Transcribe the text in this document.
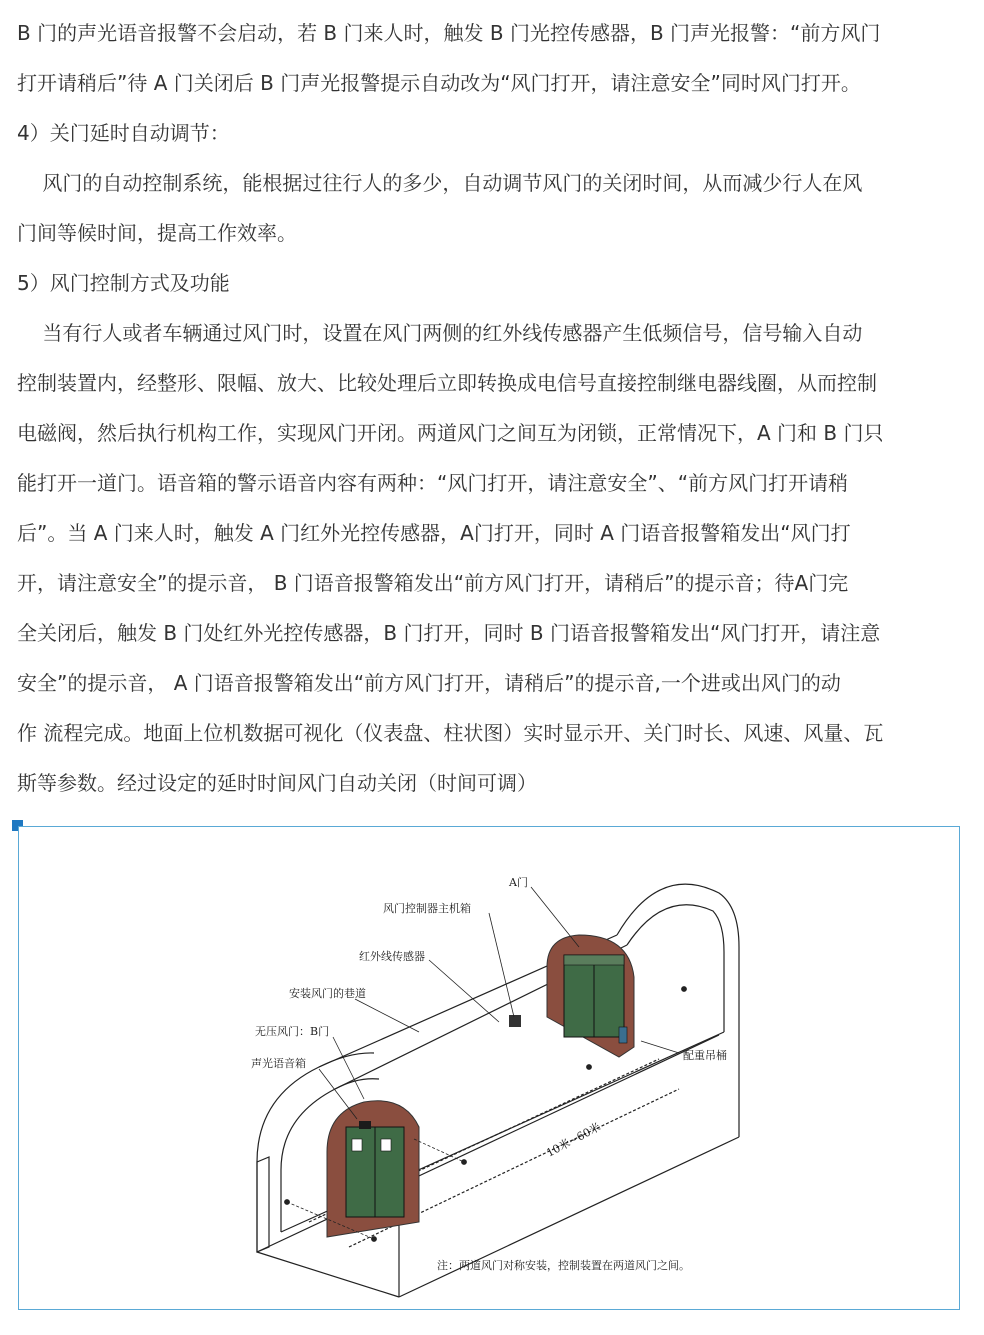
B 门的声光语音报警不会启动，若 B 门来人时，触发 B 门光控传感器，B 门声光报警：“前方风门
打开请稍后”待 A 门关闭后 B 门声光报警提示自动改为“风门打开，请注意安全”同时风门打开。
4）关门延时自动调节：
风门的自动控制系统，能根据过往行人的多少，自动调节风门的关闭时间，从而减少行人在风
门间等候时间，提高工作效率。
5）风门控制方式及功能
当有行人或者车辆通过风门时，设置在风门两侧的红外线传感器产生低频信号，信号输入自动
控制装置内，经整形、限幅、放大、比较处理后立即转换成电信号直接控制继电器线圈，从而控制
电磁阀，然后执行机构工作，实现风门开闭。两道风门之间互为闭锁，正常情况下，A 门和 B 门只
能打开一道门。语音箱的警示语音内容有两种：“风门打开，请注意安全”、“前方风门打开请稍
后”。当 A 门来人时，触发 A 门红外光控传感器，A门打开，同时 A 门语音报警箱发出“风门打
开，请注意安全”的提示音， B 门语音报警箱发出“前方风门打开，请稍后”的提示音；待A门完
全关闭后，触发 B 门处红外光控传感器，B 门打开，同时 B 门语音报警箱发出“风门打开，请注意
安全”的提示音， A 门语音报警箱发出“前方风门打开，请稍后”的提示音,一个进或出风门的动
作 流程完成。地面上位机数据可视化（仪表盘、柱状图）实时显示开、关门时长、风速、风量、瓦
斯等参数。经过设定的延时时间风门自动关闭（时间可调）
A门
风门控制器主机箱
红外线传感器
安装风门的巷道
无压风门：B门
声光语音箱
配重吊桶
10米~60米
注：两道风门对称安装，控制装置在两道风门之间。
